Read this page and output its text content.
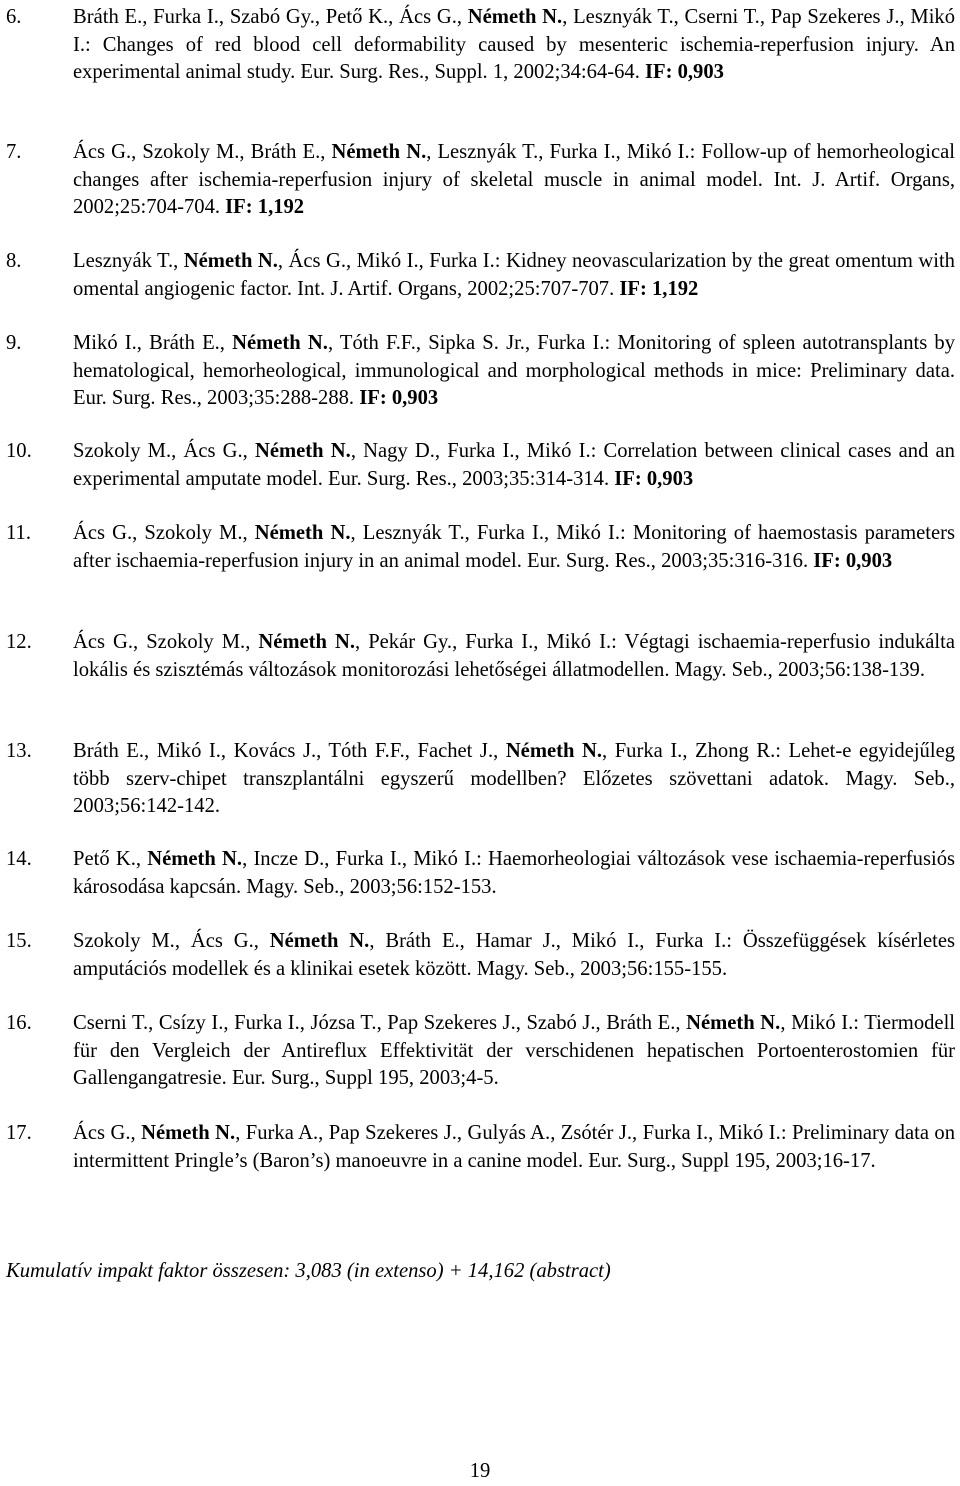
6.	Bráth E., Furka I., Szabó Gy., Pető K., Ács G., Németh N., Lesznyák T., Cserni T., Pap Szekeres J., Mikó I.: Changes of red blood cell deformability caused by mesenteric ischemia-reperfusion injury. An experimental animal study. Eur. Surg. Res., Suppl. 1, 2002;34:64-64. IF: 0,903
7.	Ács G., Szokoly M., Bráth E., Németh N., Lesznyák T., Furka I., Mikó I.: Follow-up of hemorheological changes after ischemia-reperfusion injury of skeletal muscle in animal model. Int. J. Artif. Organs, 2002;25:704-704. IF: 1,192
8.	Lesznyák T., Németh N., Ács G., Mikó I., Furka I.: Kidney neovascularization by the great omentum with omental angiogenic factor. Int. J. Artif. Organs, 2002;25:707-707. IF: 1,192
9.	Mikó I., Bráth E., Németh N., Tóth F.F., Sipka S. Jr., Furka I.: Monitoring of spleen autotransplants by hematological, hemorheological, immunological and morphological methods in mice: Preliminary data. Eur. Surg. Res., 2003;35:288-288. IF: 0,903
10. Szokoly M., Ács G., Németh N., Nagy D., Furka I., Mikó I.: Correlation between clinical cases and an experimental amputate model. Eur. Surg. Res., 2003;35:314-314. IF: 0,903
11. Ács G., Szokoly M., Németh N., Lesznyák T., Furka I., Mikó I.: Monitoring of haemostasis parameters after ischaemia-reperfusion injury in an animal model. Eur. Surg. Res., 2003;35:316-316. IF: 0,903
12. Ács G., Szokoly M., Németh N., Pekár Gy., Furka I., Mikó I.: Végtagi ischaemia-reperfusio indukálta lokális és szisztémás változások monitorozási lehetőségei állatmodellen. Magy. Seb., 2003;56:138-139.
13. Bráth E., Mikó I., Kovács J., Tóth F.F., Fachet J., Németh N., Furka I., Zhong R.: Lehet-e egyidejűleg több szerv-chipet transzplantálni egyszerű modellben? Előzetes szövettani adatok. Magy. Seb., 2003;56:142-142.
14. Pető K., Németh N., Incze D., Furka I., Mikó I.: Haemorheologiai változások vese ischaemia-reperfusiós károsodása kapcsán. Magy. Seb., 2003;56:152-153.
15. Szokoly M., Ács G., Németh N., Bráth E., Hamar J., Mikó I., Furka I.: Összefüggések kísérletes amputációs modellek és a klinikai esetek között. Magy. Seb., 2003;56:155-155.
16. Cserni T., Csízy I., Furka I., Józsa T., Pap Szekeres J., Szabó J., Bráth E., Németh N., Mikó I.: Tiermodell für den Vergleich der Antireflux Effektivität der verschidenen hepatischen Portoenterostomien für Gallengangatresie. Eur. Surg., Suppl 195, 2003;4-5.
17. Ács G., Németh N., Furka A., Pap Szekeres J., Gulyás A., Zsótér J., Furka I., Mikó I.: Preliminary data on intermittent Pringle’s (Baron’s) manoeuvre in a canine model. Eur. Surg., Suppl 195, 2003;16-17.
Kumulatív impakt faktor összesen: 3,083 (in extenso) + 14,162 (abstract)
19
